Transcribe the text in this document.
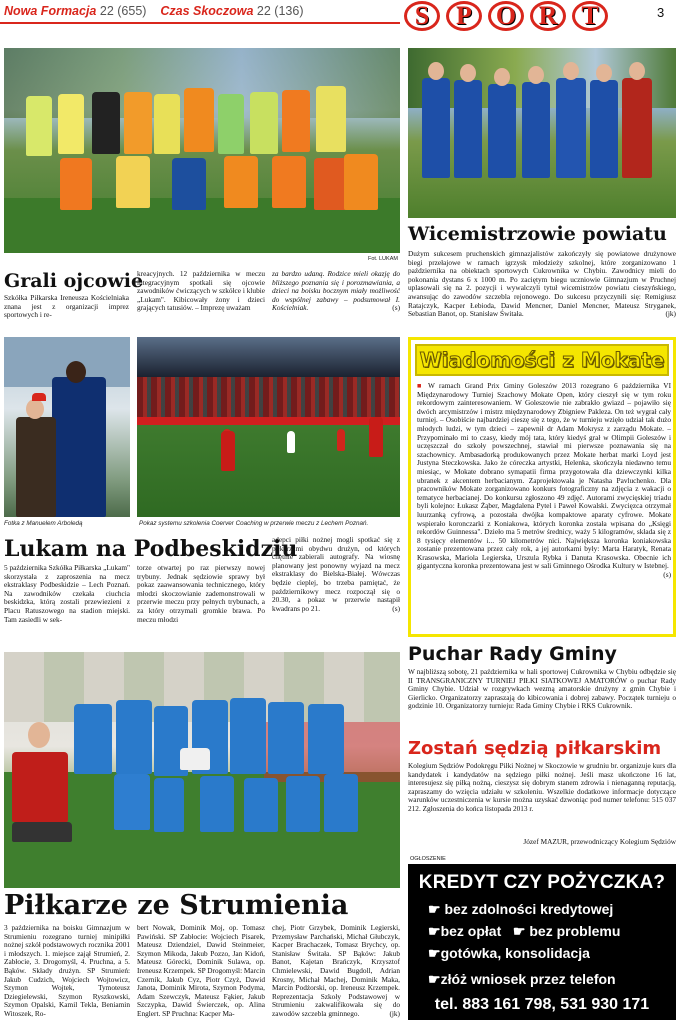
Nowa Formacja 22 (655) Czas Skoczowa 22 (136)	S P O R T	3
Fot. LUKAM
Wicemistrzowie powiatu
Dużym sukcesem pruchenskich gimnazjalistów zakończyły się powiatowe drużynowe biegi przełajowe w ramach igrzysk młodzieży szkolnej, które zorganizowano 1 października na obiektach sportowych Cukrownika w Chybiu. Zawodnicy mieli do pokonania dystans 6 x 1000 m. Po zaciętym biegu uczniowie Gimnazjum w Pruchnej uplasowali się na 2. pozycji i wywalczyli tytuł wicemistrzów powiatu cieszyńskiego, awansując do zawodów szczebla rejonowego. Do sukcesu przyczynili się: Remigiusz Ratajczyk, Kacper Łebioda, Dawid Mencner, Daniel Mencner, Mateusz Stryganek, Sebastian Banot, op. Stanisław Świtała.	(jk)
Grali ojcowie
Szkółka Piłkarska Ireneusza Kościelniaka znana jest z organizacji imprez sportowych i re-
kreacyjnych. 12 października w meczu integracyjnym spotkali się ojcowie zawodników ćwiczących w szkółce i klubie „Lukam". Kibicowały żony i dzieci grających tatusiów. – Imprezę uważam
za bardzo udaną. Rodzice mieli okazję do bliższego poznania się i porozmawiania, a dzieci na boisku bocznym miały możliwość do wspólnej zabawy – podsumował I. Kościelniak.	(s)
Fotka z Manuelem Arboledą	Pokaz systemu szkolenia Coerver Coaching w przerwie meczu z Lechem Poznań.
Lukam na Podbeskidziu
5 października Szkółka Piłkarska „Lukam" skorzystała z zaproszenia na mecz ekstraklasy Podbeskidzie – Lech Poznań. Na zawodników czekała ciuchcia beskidzka, którą zostali przewiezieni z Placu Ratuszowego na stadion miejski. Tam zasiedli w sek-
torze otwartej po raz pierwszy nowej trybuny. Jednak sędziowie sprawy był pokaz zaawansowania technicznego, który młodzi skoczowianie zademonstrowali w przerwie meczu przy pełnych trybunach, a za który otrzymali gromkie brawa. Po meczu młodzi
adepci piłki nożnej mogli spotkać się z piłkarzami obydwu drużyn, od których chętnie zabierali autografy. Na wiosnę planowany jest ponowny wyjazd na mecz ekstraklasy do Bielska-Białej. Wówczas będzie cieplej, bo trzeba pamiętać, że październikowy mecz rozpoczął się o 20.30, a pokaz w przerwie nastąpił kwadrans po 21.	(s)
Wiadomości z Mokate
■ W ramach Grand Prix Gminy Goleszów 2013 rozegrano 6 października VI Międzynarodowy Turniej Szachowy Mokate Open, który cieszył się w tym roku rekordowym zainteresowaniem. W Goleszowie nie zabrakło gwiazd – pojawiło się dwóch arcymistrzów i mistrz międzynarodowy Zbigniew Pakleza. On też wygrał cały turniej. – Osobiście najbardziej cieszę się z tego, że w turnieju wzięło udział tak dużo młodych ludzi, w tym dzieci – zapewnił dr Adam Mokrysz z zarządu Mokate. – Przypominało mi to czasy, kiedy mój tata, który kiedyś grał w Olimpii Goleszów i uczęszczał do szkoły powszechnej, stawiał mi pierwsze poznawania się na szachownicy. Ambasadorką produkowanych przez Mokate herbat marki Loyd jest Justyna Steczkowska. Jako że córeczka artystki, Helenka, skończyła niedawno temu miesiąc, w Mokate dobrano symapatii firma przygotowała dla dziewczynki kilka ubranek z akcentem herbacianym. Zaprojektowała je Natasha Pavluchenko. Dla pracowników Mokate zorganizowano konkurs fotograficzny na zdjęcia z wakacji o tematyce herbacianej. Do konkursu zgłoszono 49 zdjęć. Autorami zwycięskiej triadu byli kolejno: Łukasz Żąber, Magdalena Pytel i Paweł Kowalski. Zwycięzca otrzymał luurzanką cyfrową, a pozostała dwójka kompaktowe aparaty cyfrowe. Mokate wspierało koronczarki z Koniakowa, których koronka została wpisana do „Księgi rekordów Guinnessa". Dzieło ma 5 metrów średnicy, waży 5 kilogramów, składa się z 8 tysięcy elementów i... 50 kilometrów nici. Największa koronka koniakowska zostanie prezentowana przez cały rok, a jej autorkami były: Marta Haratyk, Renata Krasowska, Mariola Legierska, Urszula Rybka i Danuta Krasowska. Obecnie ich gigantyczna koronka prezentowana jest w sali Gminnego Ośrodka Kultury w Istebnej.
(s)
Piłkarze ze Strumienia
3 października na boisku Gimnazjum w Strumieniu rozegrano turniej minipiłki nożnej szkół podstawowych rocznika 2001 i młodszych. 1. miejsce zajął Strumień, 2. Zabłocie, 3. Drogomyśl, 4. Pruchna, a 5. Bąków. Składy drużyn. SP Strumień: Jakub Cudzich, Wojciech Wojtowicz, Szymon Wojtek, Tymoteusz Dziegielewski, Szymon Ryszkowski, Szymon Opalski, Kamil Tekla, Beniamin Witoszek, Ro-
bert Nowak, Dominik Moj, op. Tomasz Pawiński. SP Zabłocie: Wojciech Pisarek, Mateusz Dziendziel, Dawid Steinmeier, Szymon Mikoda, Jakub Pozzo, Jan Kidoń, Mateusz Górecki, Dominik Sulawa, op. Ireneusz Krzempek. SP Drogomyśl: Marcin Czernik, Jakub Cyz, Piotr Czyż, Dawid Janota, Dominik Mirota, Szymon Podyma, Adam Szewczyk, Mateusz Fąkier, Jakub Szczypka, Dawid Świerczek, op. Alina Englert. SP Pruchna: Kacper Ma-
chej, Piotr Grzybek, Dominik Legierski, Przemysław Parchański, Michał Głubczyk, Kacper Brachaczek, Tomasz Brychcy, op. Stanisław Świtała. SP Bąków: Jakub Banot, Kajetan Brańczyk, Krzysztof Chmielewski, Dawid Bugdoll, Adrian Krosny, Michał Machej, Dominik Maka, Marcin Podżorski, op. Ireneusz Krzempek. Reprezentacja Szkoły Podstawowej w Strumieniu zakwalifikowała się do zawodów szczebla gminnego.	(jk)
Puchar Rady Gminy
W najbliższą sobotę, 21 października w hali sportowej Cukrownika w Chybiu odbędzie się II TRANSGRANICZNY TURNIEJ PIŁKI SIATKOWEJ AMATORÓW o puchar Rady Gminy Chybie. Udział w rozgrywkach wezmą amatorskie drużyny z gmin Chybie i Gierlicko. Organizatorzy zapraszają do kibicowania i dobrej zabawy. Początek turnieju o godzinie 10. Organizatorzy turnieju: Rada Gminy Chybie i RKS Cukrownik.
Zostań sędzią piłkarskim
Kolegium Sędziów Podokręgu Piłki Nożnej w Skoczowie w grudniu br. organizuje kurs dla kandydatek i kandydatów na sędziego piłki nożnej. Jeśli masz ukończone 16 lat, interesujesz się piłką nożną, cieszysz się dobrym stanem zdrowia i nienaganną reputacją, zapraszamy do wzięcia udziału w szkoleniu. Wszelkie dodatkowe informacje dotyczące warunków uczestniczenia w kursie można uzyskać dzwoniąc pod numer telefonu: 515 037 212. Zgłoszenia do końca listopada 2013 r.
Józef MAZUR, przewodniczący Kolegium Sędziów
OGŁOSZENIE
KREDYT CZY POŻYCZKA?
☛ bez zdolności kredytowej
☛bez opłat ☛ bez problemu
☛gotówka, konsolidacja
☛złóż wniosek przez telefon
tel. 883 161 798, 531 930 171
